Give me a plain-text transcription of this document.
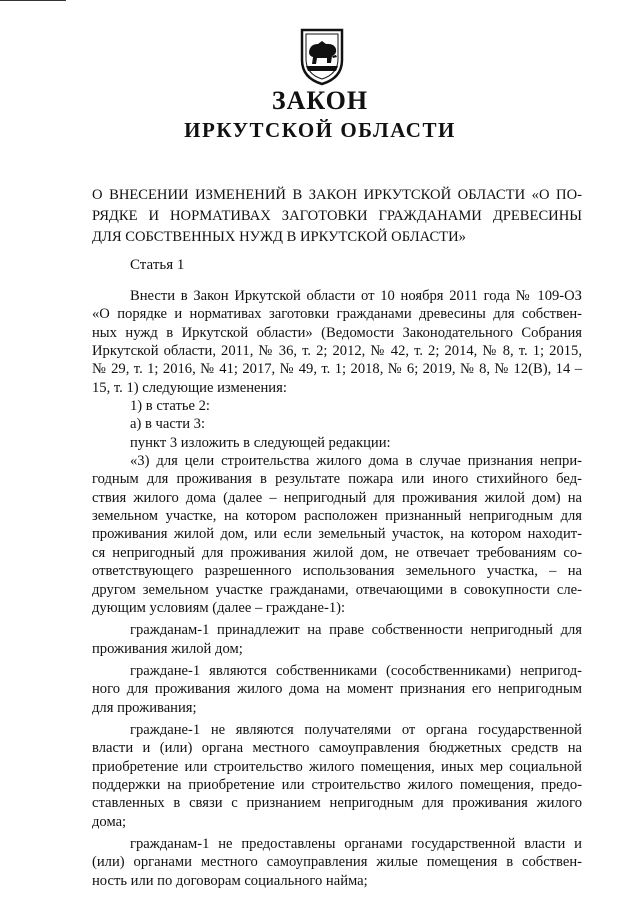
ЗАКОН
ИРКУТСКОЙ ОБЛАСТИ
О ВНЕСЕНИИ ИЗМЕНЕНИЙ В ЗАКОН ИРКУТСКОЙ ОБЛАСТИ «О ПО-
РЯДКЕ И НОРМАТИВАХ ЗАГОТОВКИ ГРАЖДАНАМИ ДРЕВЕСИНЫ
ДЛЯ СОБСТВЕННЫХ НУЖД В ИРКУТСКОЙ ОБЛАСТИ»
Статья 1
Внести в Закон Иркутской области от 10 ноября 2011 года № 109-ОЗ
«О порядке и нормативах заготовки гражданами древесины для собствен-
ных нужд в Иркутской области» (Ведомости Законодательного Собрания
Иркутской области, 2011, № 36, т. 2; 2012, № 42, т. 2; 2014, № 8, т. 1; 2015,
№ 29, т. 1; 2016, № 41; 2017, № 49, т. 1; 2018, № 6; 2019, № 8, № 12(В), 14 –
15, т. 1) следующие изменения:
1) в статье 2:
а) в части 3:
пункт 3 изложить в следующей редакции:
«3) для цели строительства жилого дома в случае признания непри-
годным для проживания в результате пожара или иного стихийного бед-
ствия жилого дома (далее – непригодный для проживания жилой дом) на
земельном участке, на котором расположен признанный непригодным для
проживания жилой дом, или если земельный участок, на котором находит-
ся непригодный для проживания жилой дом, не отвечает требованиям со-
ответствующего разрешенного использования земельного участка, – на
другом земельном участке гражданами, отвечающими в совокупности сле-
дующим условиям (далее – граждане-1):
гражданам-1 принадлежит на праве собственности непригодный для
проживания жилой дом;
граждане-1 являются собственниками (сособственниками) непригод-
ного для проживания жилого дома на момент признания его непригодным
для проживания;
граждане-1 не являются получателями от органа государственной
власти и (или) органа местного самоуправления бюджетных средств на
приобретение или строительство жилого помещения, иных мер социальной
поддержки на приобретение или строительство жилого помещения, предо-
ставленных в связи с признанием непригодным для проживания жилого
дома;
гражданам-1 не предоставлены органами государственной власти и
(или) органами местного самоуправления жилые помещения в собствен-
ность или по договорам социального найма;
